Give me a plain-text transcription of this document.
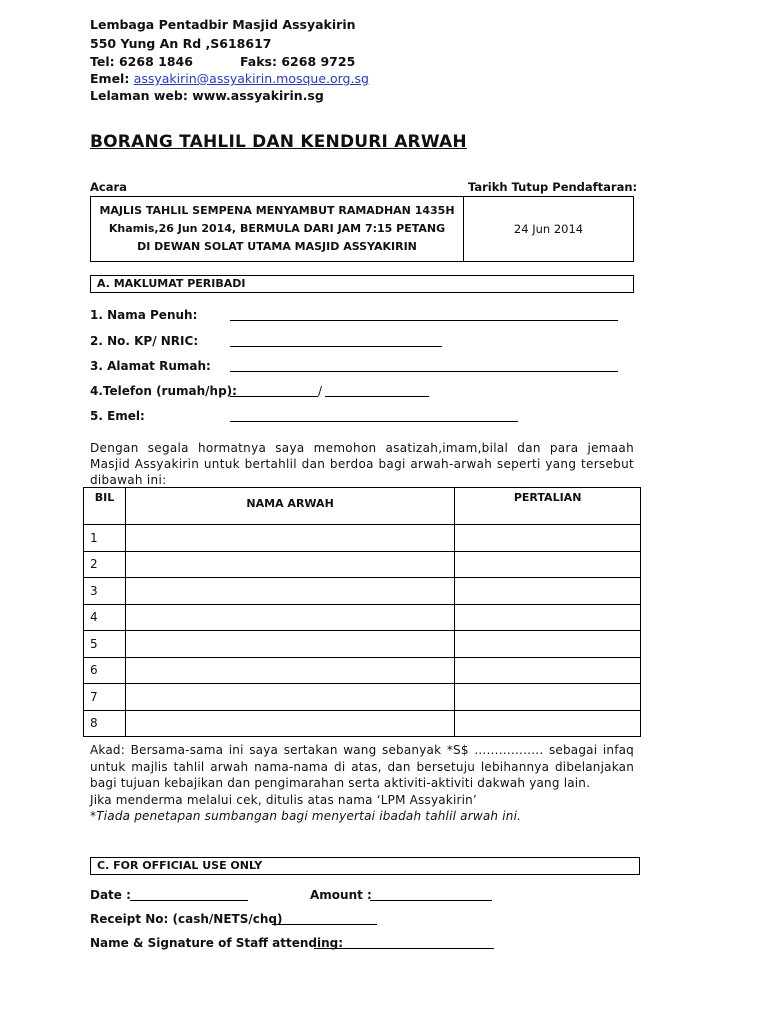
Lembaga Pentadbir Masjid Assyakirin
550 Yung An Rd ,S618617
Tel: 6268 1846	Faks: 6268 9725
Emel: assyakirin@assyakirin.mosque.org.sg
Lelaman web: www.assyakirin.sg
BORANG TAHLIL DAN KENDURI ARWAH
Acara	Tarikh Tutup Pendaftaran:
MAJLIS TAHLIL SEMPENA MENYAMBUT RAMADHAN 1435H
Khamis,26 Jun 2014, BERMULA DARI JAM 7:15 PETANG
DI DEWAN SOLAT UTAMA MASJID ASSYAKIRIN
24 Jun 2014
A. MAKLUMAT PERIBADI
1. Nama Penuh:
2. No. KP/ NRIC:
3. Alamat Rumah:
4.Telefon (rumah/hp):	/
5. Emel:
Dengan segala hormatnya saya memohon asatizah,imam,bilal dan para jemaah Masjid Assyakirin untuk bertahlil dan berdoa bagi arwah-arwah seperti yang tersebut dibawah ini:
BIL	NAMA ARWAH	PERTALIAN
1		
2		
3		
4		
5		
6		
7		
8		

Akad: Bersama-sama ini saya sertakan wang sebanyak *S$ …………….. sebagai infaq untuk majlis tahlil arwah nama-nama di atas, dan bersetuju lebihannya dibelanjakan bagi tujuan kebajikan dan pengimarahan serta aktiviti-aktiviti dakwah yang lain.

Jika menderma melalui cek, ditulis atas nama ‘LPM Assyakirin’

*Tiada penetapan sumbangan bagi menyertai ibadah tahlil arwah ini.

C. FOR OFFICIAL USE ONLY
Date :	Amount :
Receipt No: (cash/NETS/chq)
Name & Signature of Staff attending:
